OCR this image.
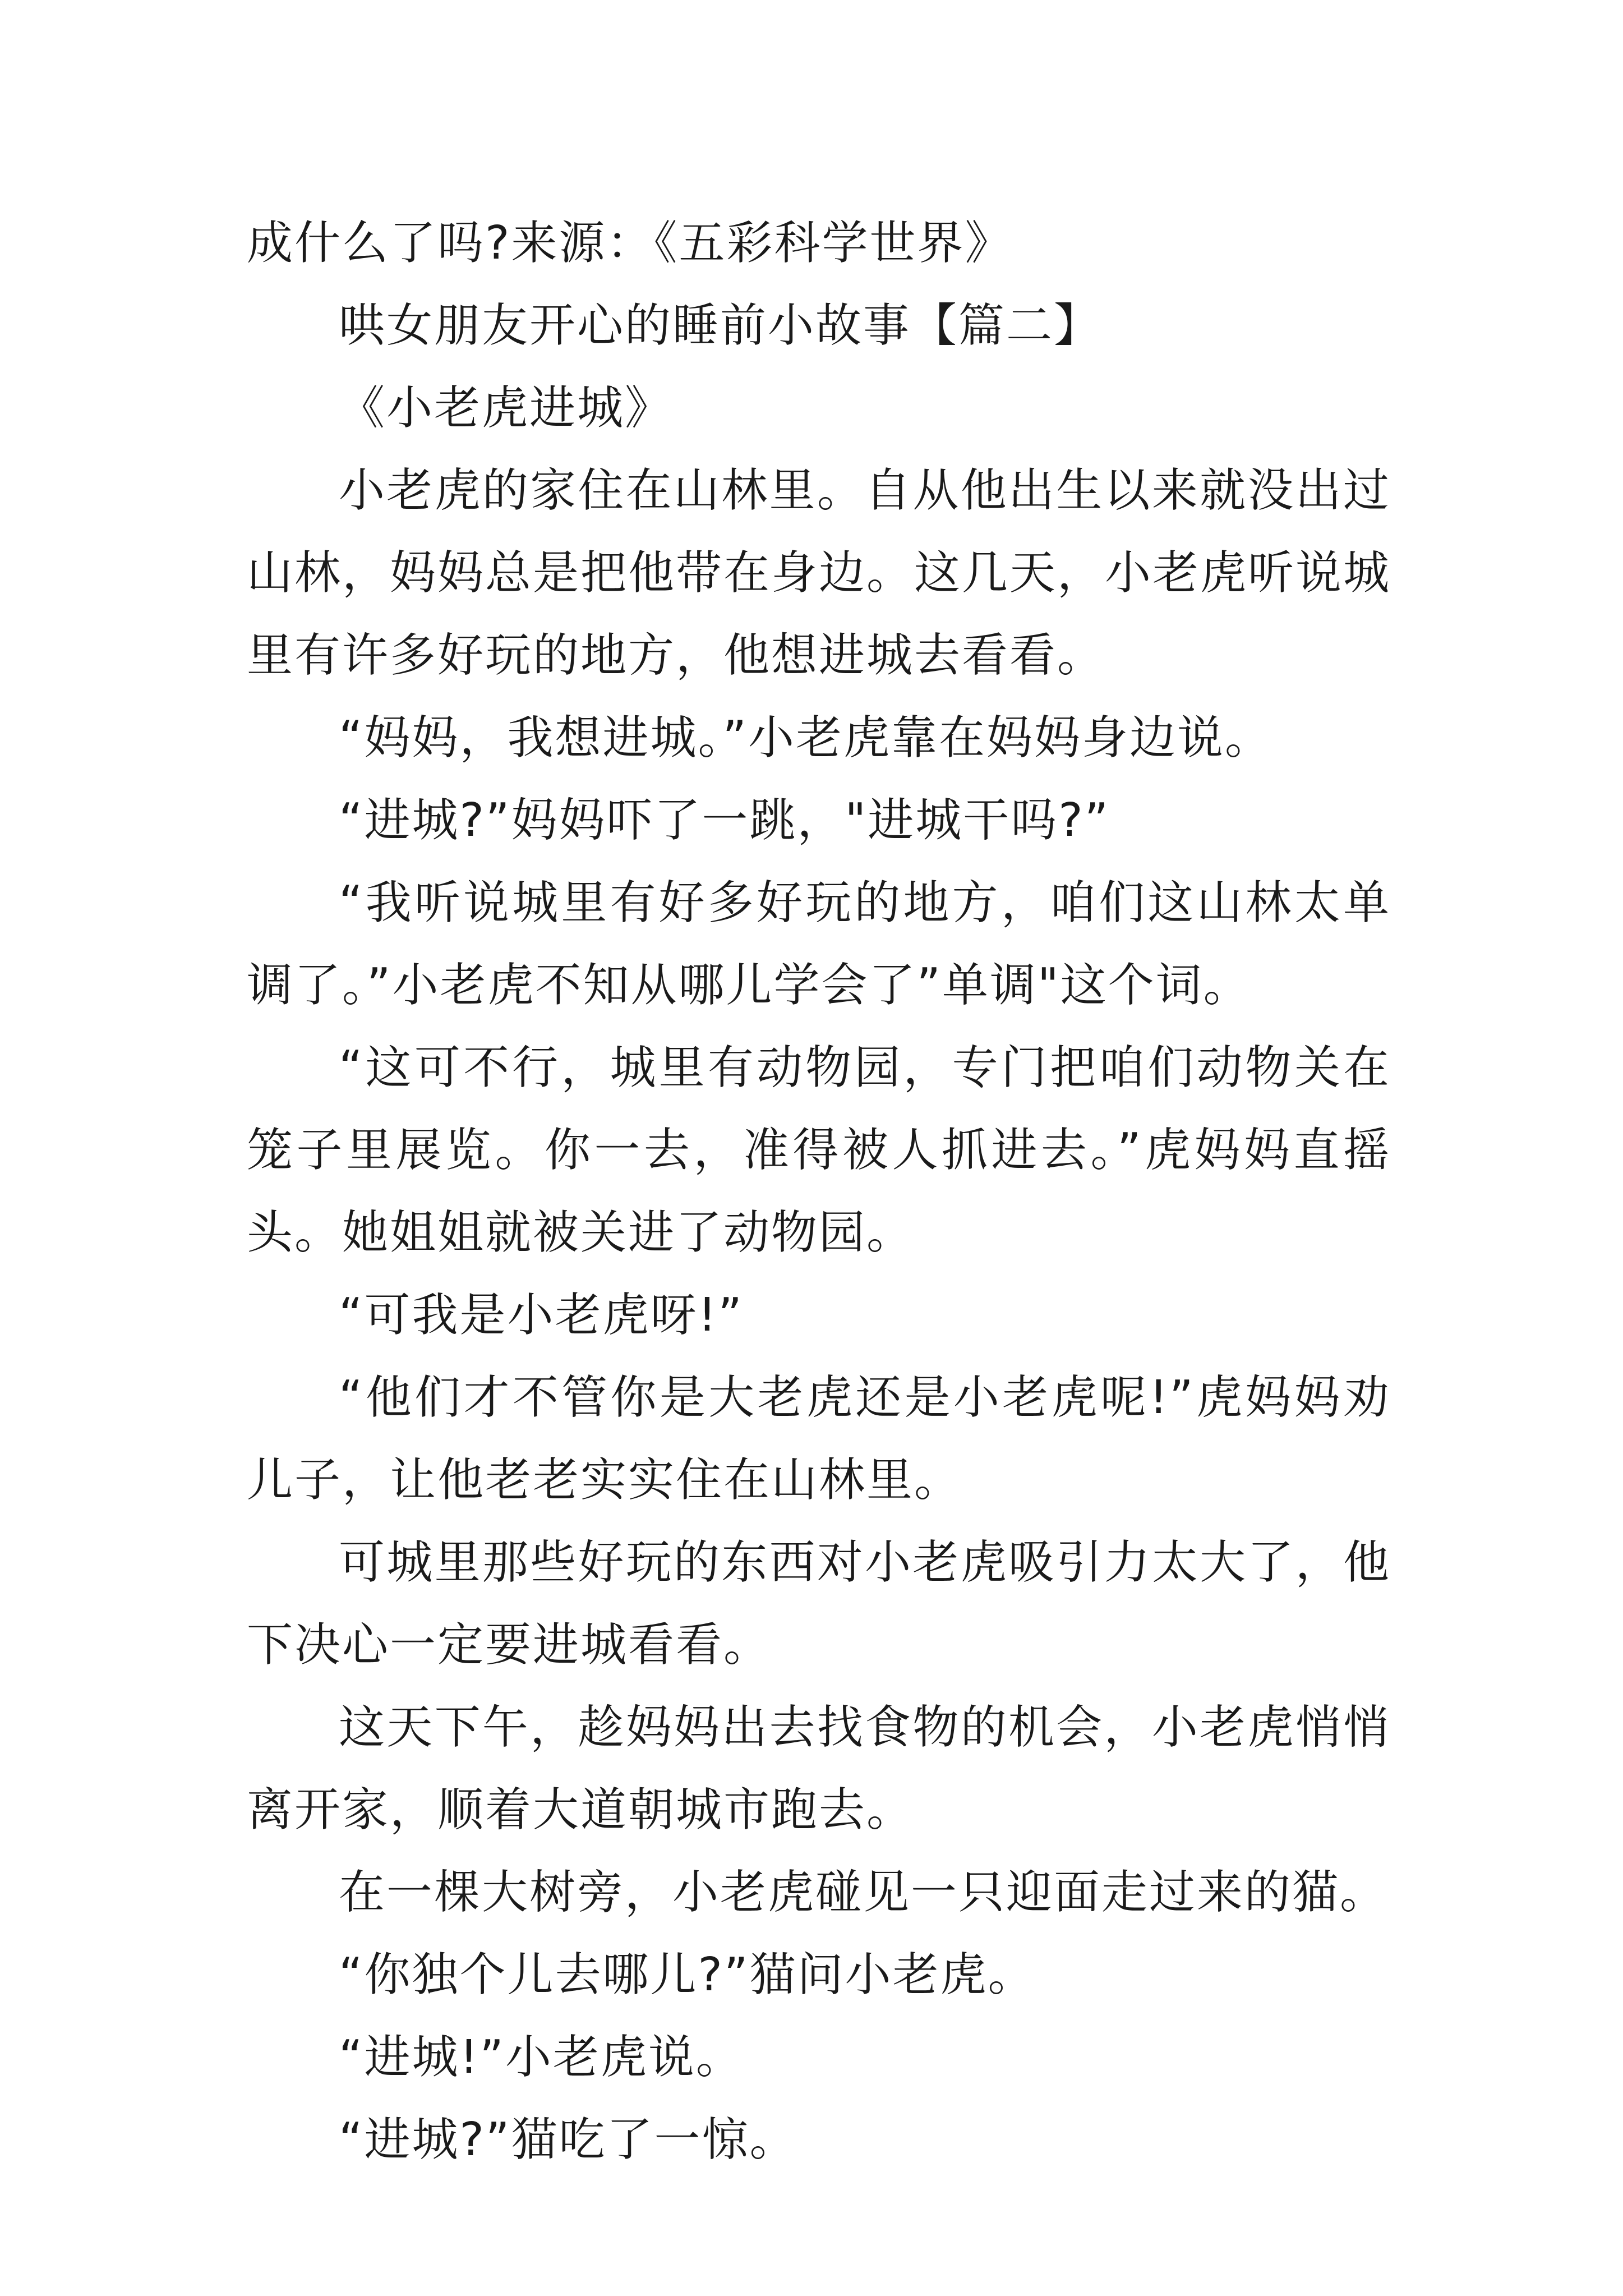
成什么了吗?来源：《五彩科学世界》

哄女朋友开心的睡前小故事【篇二】

《小老虎进城》

小老虎的家住在山林里。自从他出生以来就没出过山林，妈妈总是把他带在身边。这几天，小老虎听说城里有许多好玩的地方，他想进城去看看。

“妈妈，我想进城。”小老虎靠在妈妈身边说。

“进城?”妈妈吓了一跳，"进城干吗?”

“我听说城里有好多好玩的地方，咱们这山林太单调了。”小老虎不知从哪儿学会了”单调"这个词。

“这可不行，城里有动物园，专门把咱们动物关在笼子里展览。你一去，准得被人抓进去。”虎妈妈直摇头。她姐姐就被关进了动物园。

“可我是小老虎呀!”

“他们才不管你是大老虎还是小老虎呢!”虎妈妈劝儿子，让他老老实实住在山林里。

可城里那些好玩的东西对小老虎吸引力太大了，他下决心一定要进城看看。

这天下午，趁妈妈出去找食物的机会，小老虎悄悄离开家，顺着大道朝城市跑去。

在一棵大树旁，小老虎碰见一只迎面走过来的猫。

“你独个儿去哪儿?”猫问小老虎。

“进城!”小老虎说。

“进城?”猫吃了一惊。
